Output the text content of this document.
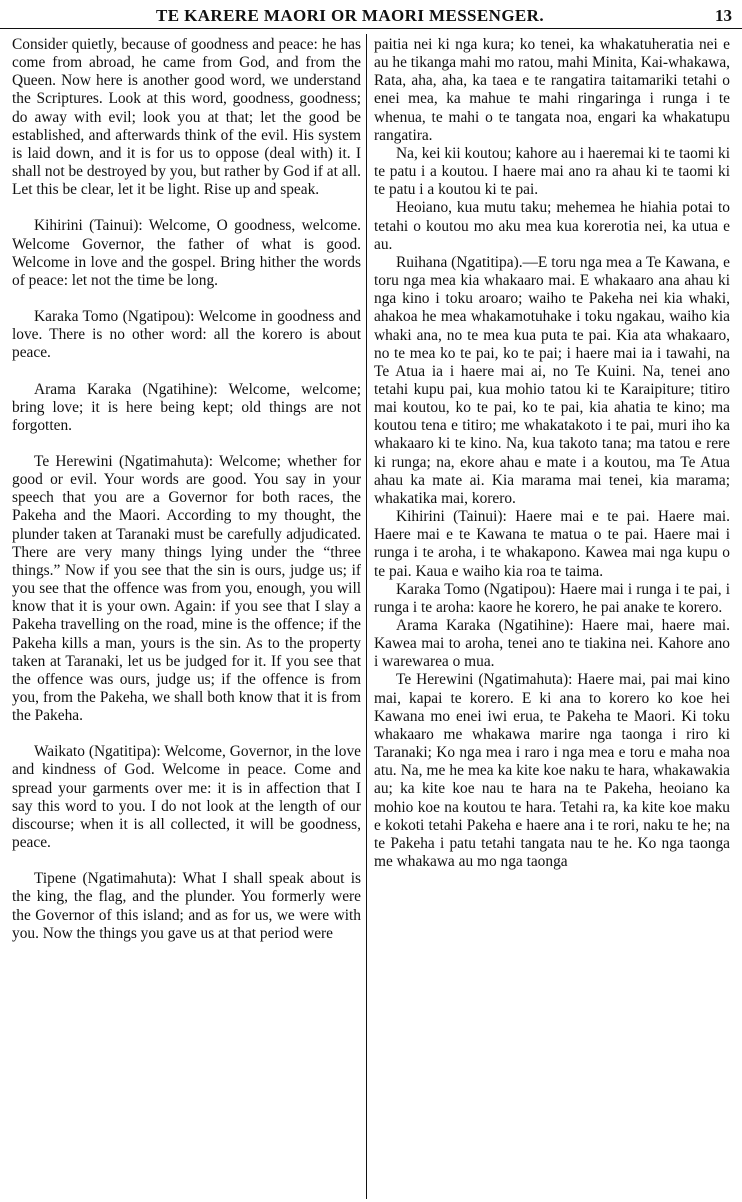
TE KARERE MAORI OR MAORI MESSENGER.	13

Consider quietly, because of goodness and peace: he has come from abroad, he came from God, and from the Queen. Now here is another good word, we understand the Scriptures. Look at this word, goodness, goodness; do away with evil; look you at that; let the good be established, and afterwards think of the evil. His system is laid down, and it is for us to oppose (deal with) it. I shall not be destroyed by you, but rather by God if at all. Let this be clear, let it be light. Rise up and speak.

Kihirini (Tainui): Welcome, O goodness, welcome. Welcome Governor, the father of what is good. Welcome in love and the gospel. Bring hither the words of peace: let not the time be long.

Karaka Tomo (Ngatipou): Welcome in goodness and love. There is no other word: all the korero is about peace.

Arama Karaka (Ngatihine): Welcome, welcome; bring love; it is here being kept; old things are not forgotten.

Te Herewini (Ngatimahuta): Welcome; whether for good or evil. Your words are good. You say in your speech that you are a Governor for both races, the Pakeha and the Maori. According to my thought, the plunder taken at Taranaki must be carefully adjudicated. There are very many things lying under the “three things.” Now if you see that the sin is ours, judge us; if you see that the offence was from you, enough, you will know that it is your own. Again: if you see that I slay a Pakeha travelling on the road, mine is the offence; if the Pakeha kills a man, yours is the sin. As to the property taken at Taranaki, let us be judged for it. If you see that the offence was ours, judge us; if the offence is from you, from the Pakeha, we shall both know that it is from the Pakeha.

Waikato (Ngatitipa): Welcome, Governor, in the love and kindness of God. Welcome in peace. Come and spread your garments over me: it is in affection that I say this word to you. I do not look at the length of our discourse; when it is all collected, it will be goodness, peace.

Tipene (Ngatimahuta): What I shall speak about is the king, the flag, and the plunder. You formerly were the Governor of this island; and as for us, we were with you. Now the things you gave us at that period were

paitia nei ki nga kura; ko tenei, ka whakatuheratia nei e au he tikanga mahi mo ratou, mahi Minita, Kai-whakawa, Rata, aha, aha, ka taea e te rangatira taitamariki tetahi o enei mea, ka mahue te mahi ringaringa i runga i te whenua, te mahi o te tangata noa, engari ka whakatupu rangatira.

Na, kei kii koutou; kahore au i haeremai ki te taomi ki te patu i a koutou. I haere mai ano ra ahau ki te taomi ki te patu i a koutou ki te pai.

Heoiano, kua mutu taku; mehemea he hiahia potai to tetahi o koutou mo aku mea kua korerotia nei, ka utua e au.

Ruihana (Ngatitipa).—E toru nga mea a Te Kawana, e toru nga mea kia whakaaro mai. E whakaaro ana ahau ki nga kino i toku aroaro; waiho te Pakeha nei kia whaki, ahakoa he mea whakamotuhake i toku ngakau, waiho kia whaki ana, no te mea kua puta te pai. Kia ata whakaaro, no te mea ko te pai, ko te pai; i haere mai ia i tawahi, na Te Atua ia i haere mai ai, no Te Kuini. Na, tenei ano tetahi kupu pai, kua mohio tatou ki te Karaipiture; titiro mai koutou, ko te pai, ko te pai, kia ahatia te kino; ma koutou tena e titiro; me whakatakoto i te pai, muri iho ka whakaaro ki te kino. Na, kua takoto tana; ma tatou e rere ki runga; na, ekore ahau e mate i a koutou, ma Te Atua ahau ka mate ai. Kia marama mai tenei, kia marama; whakatika mai, korero.

Kihirini (Tainui): Haere mai e te pai. Haere mai. Haere mai e te Kawana te matua o te pai. Haere mai i runga i te aroha, i te whakapono. Kawea mai nga kupu o te pai. Kaua e waiho kia roa te taima.

Karaka Tomo (Ngatipou): Haere mai i runga i te pai, i runga i te aroha: kaore he korero, he pai anake te korero.

Arama Karaka (Ngatihine): Haere mai, haere mai. Kawea mai to aroha, tenei ano te tiakina nei. Kahore ano i warewarea o mua.

Te Herewini (Ngatimahuta): Haere mai, pai mai kino mai, kapai te korero. E ki ana to korero ko koe hei Kawana mo enei iwi erua, te Pakeha te Maori. Ki toku whakaaro me whakawa marire nga taonga i riro ki Taranaki; Ko nga mea i raro i nga mea e toru e maha noa atu. Na, me he mea ka kite koe naku te hara, whakawakia au; ka kite koe nau te hara na te Pakeha, heoiano ka mohio koe na koutou te hara. Tetahi ra, ka kite koe maku e kokoti tetahi Pakeha e haere ana i te rori, naku te he; na te Pakeha i patu tetahi tangata nau te he. Ko nga taonga me whakawa au mo nga taonga
